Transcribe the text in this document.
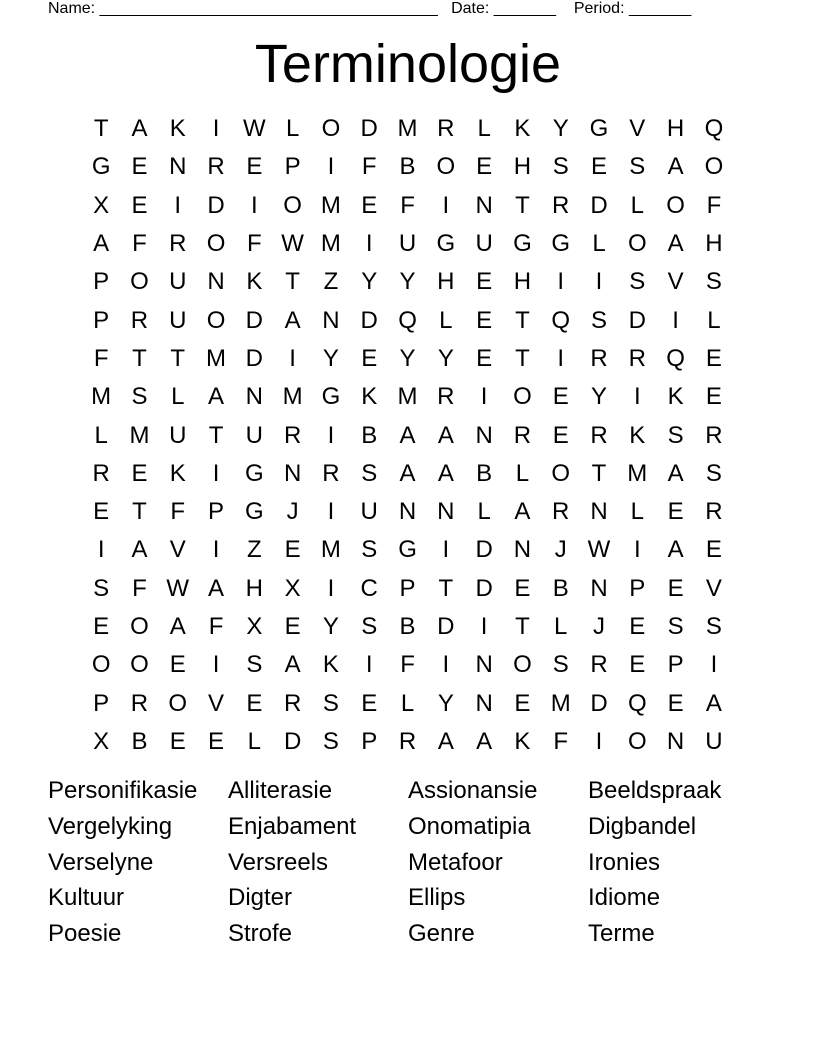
Name: ______________________________________ Date: _______ Period: _______
Terminologie
T A K	I W L O D M R L K Y G V H Q
G E N R E P	I	F B O E H S E S A O
X E	I	D	I	O M E F	I	N T R D L O F
A F R O F W M	I	U G U G G L O A H
P O U N K T Z Y Y H E H	I	I	S V S
P R U O D A N D Q L E T Q S D	I	L
F T T M D	I	Y E Y Y E T	I	R R Q E
M S L A N M G K M R	I	O E Y	I	K E
L M U T U R	I	B A A N R E R K S R
R E K	I	G N R S A A B L O T M A S
E T F P G J	I	U N N L A R N L E R
I	A V	I	Z E M S G	I	D N J W I	A E
S F W A H X	I	C P T D E B N P E V
E O A F X E Y S B D	I	T	L	J	E S S
O O E	I	S A K	I	F	I	N O S R E P	I
P R O V E R S E L Y N E M D Q E A
X B E E L D S P R A A K F	I	O N U
Personifikasie	Alliterasie	Assionansie	Beeldspraak
Vergelyking	Enjabament	Onomatipia	Digbandel
Verselyne	Versreels	Metafoor	Ironies
Kultuur	Digter	Ellips	Idiome
Poesie	Strofe	Genre	Terme
